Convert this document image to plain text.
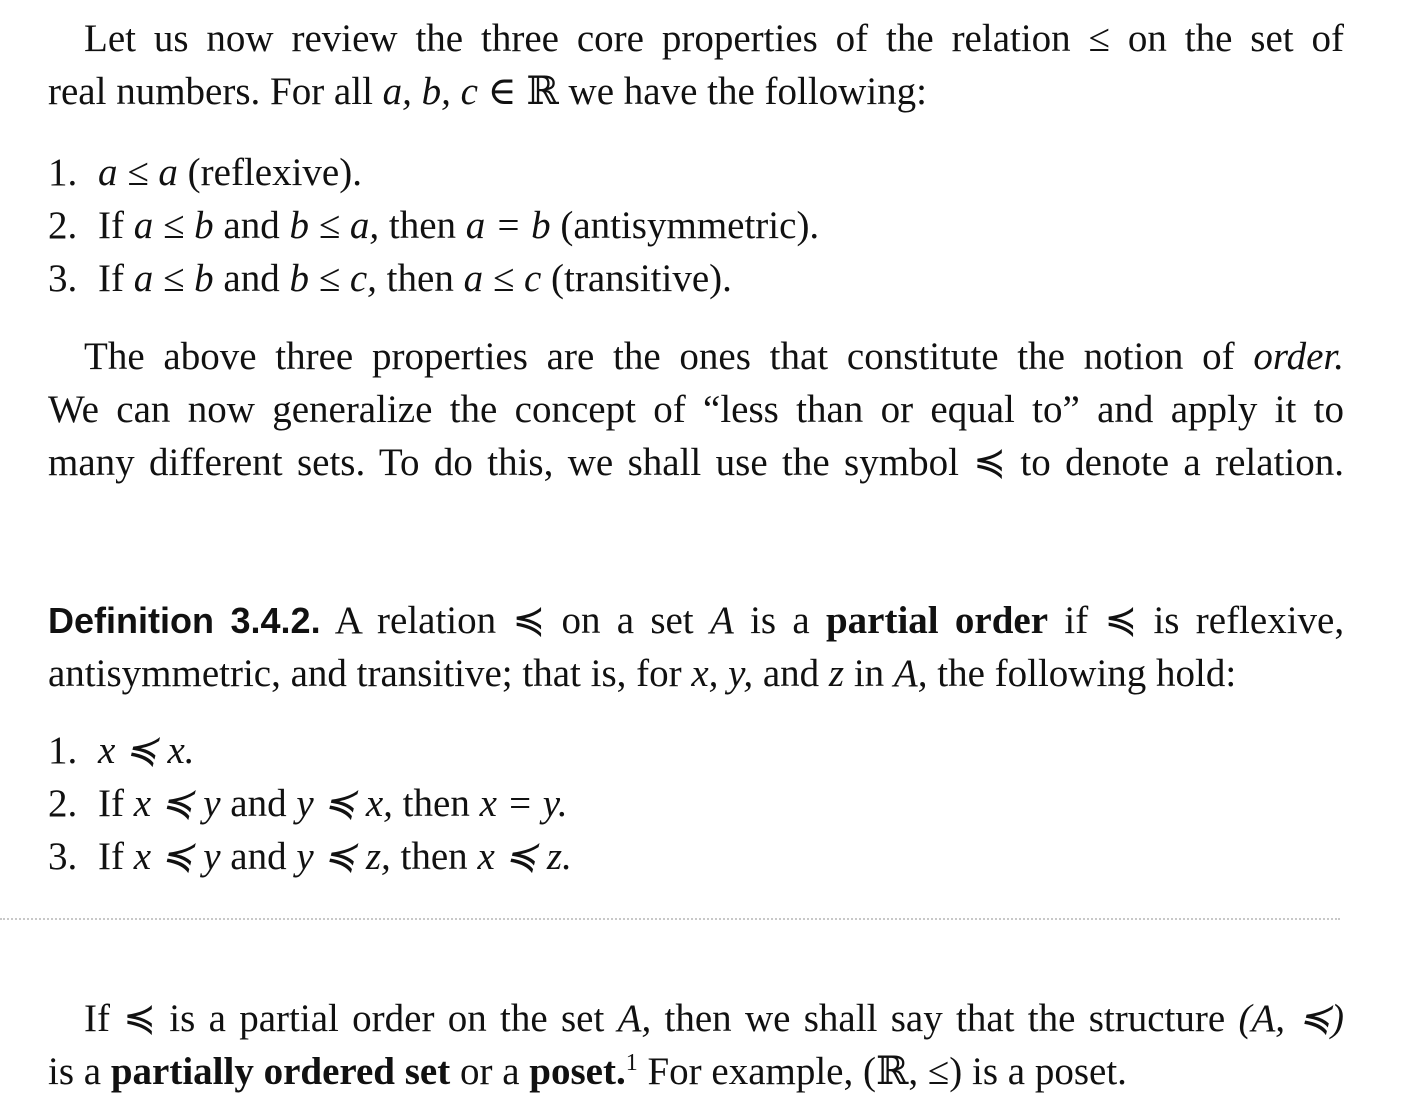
Let us now review the three core properties of the relation ≤ on the set of
real numbers. For all a, b, c ∈ ℝ we have the following:
1. a ≤ a (reflexive).
2. If a ≤ b and b ≤ a, then a = b (antisymmetric).
3. If a ≤ b and b ≤ c, then a ≤ c (transitive).
The above three properties are the ones that constitute the notion of order.
We can now generalize the concept of “less than or equal to” and apply it to
many different sets. To do this, we shall use the symbol ≼ to denote a relation.
Definition 3.4.2. A relation ≼ on a set A is a partial order if ≼ is reflexive,
antisymmetric, and transitive; that is, for x, y, and z in A, the following hold:
1. x ≼ x.
2. If x ≼ y and y ≼ x, then x = y.
3. If x ≼ y and y ≼ z, then x ≼ z.
If ≼ is a partial order on the set A, then we shall say that the structure (A, ≼)
is a partially ordered set or a poset.$^1$ For example, (ℝ, ≤) is a poset.
